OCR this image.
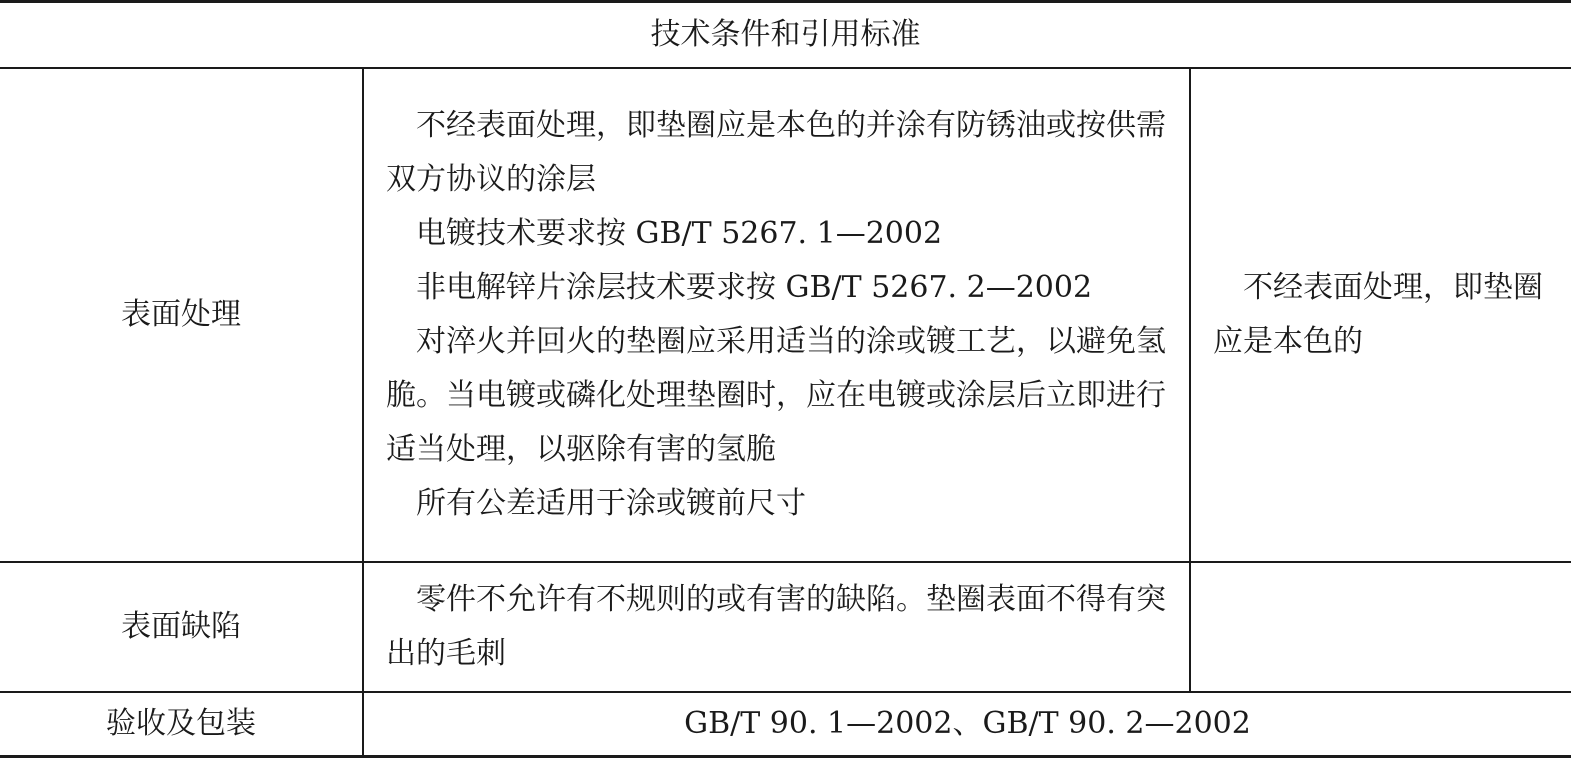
技术条件和引用标准		
表面处理	不经表面处理，即垫圈应是本色的并涂有防锈油或按供需双方协议的涂层

电镀技术要求按 GB/T 5267. 1—2002

非电解锌片涂层技术要求按 GB/T 5267. 2—2002

对淬火并回火的垫圈应采用适当的涂或镀工艺，以避免氢脆。当电镀或磷化处理垫圈时，应在电镀或涂层后立即进行适当处理，以驱除有害的氢脆

所有公差适用于涂或镀前尺寸	不经表面处理，即垫圈应是本色的

表面缺陷	零件不允许有不规则的或有害的缺陷。垫圈表面不得有突出的毛刺	

验收及包装	GB/T 90. 1—2002、GB/T 90. 2—2002	
